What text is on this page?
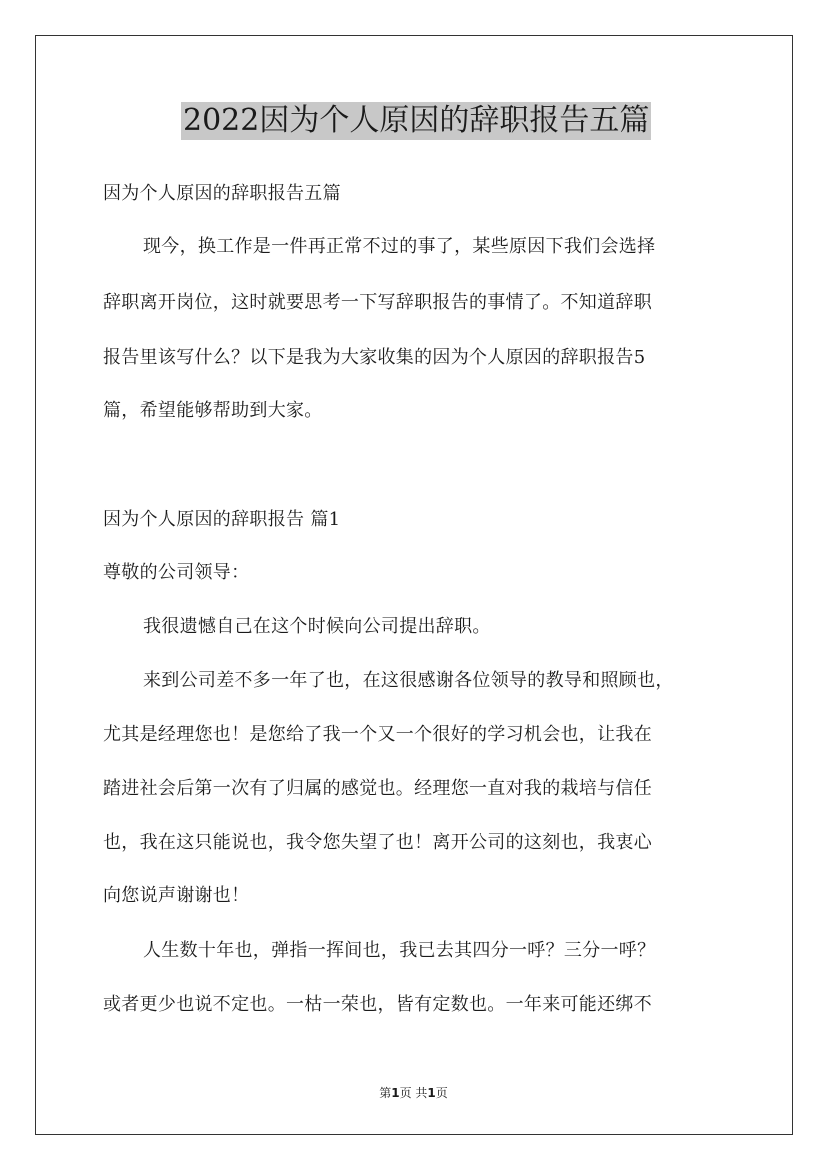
2022因为个人原因的辞职报告五篇

因为个人原因的辞职报告五篇

现今，换工作是一件再正常不过的事了，某些原因下我们会选择

辞职离开岗位，这时就要思考一下写辞职报告的事情了。不知道辞职

报告里该写什么？以下是我为大家收集的因为个人原因的辞职报告5

篇，希望能够帮助到大家。

因为个人原因的辞职报告 篇1

尊敬的公司领导：

我很遗憾自己在这个时候向公司提出辞职。

来到公司差不多一年了也，在这很感谢各位领导的教导和照顾也，

尤其是经理您也！是您给了我一个又一个很好的学习机会也，让我在

踏进社会后第一次有了归属的感觉也。经理您一直对我的栽培与信任

也，我在这只能说也，我令您失望了也！离开公司的这刻也，我衷心

向您说声谢谢也！

人生数十年也，弹指一挥间也，我已去其四分一呼？三分一呼？

或者更少也说不定也。一枯一荣也，皆有定数也。一年来可能还绑不

第1页 共1页
